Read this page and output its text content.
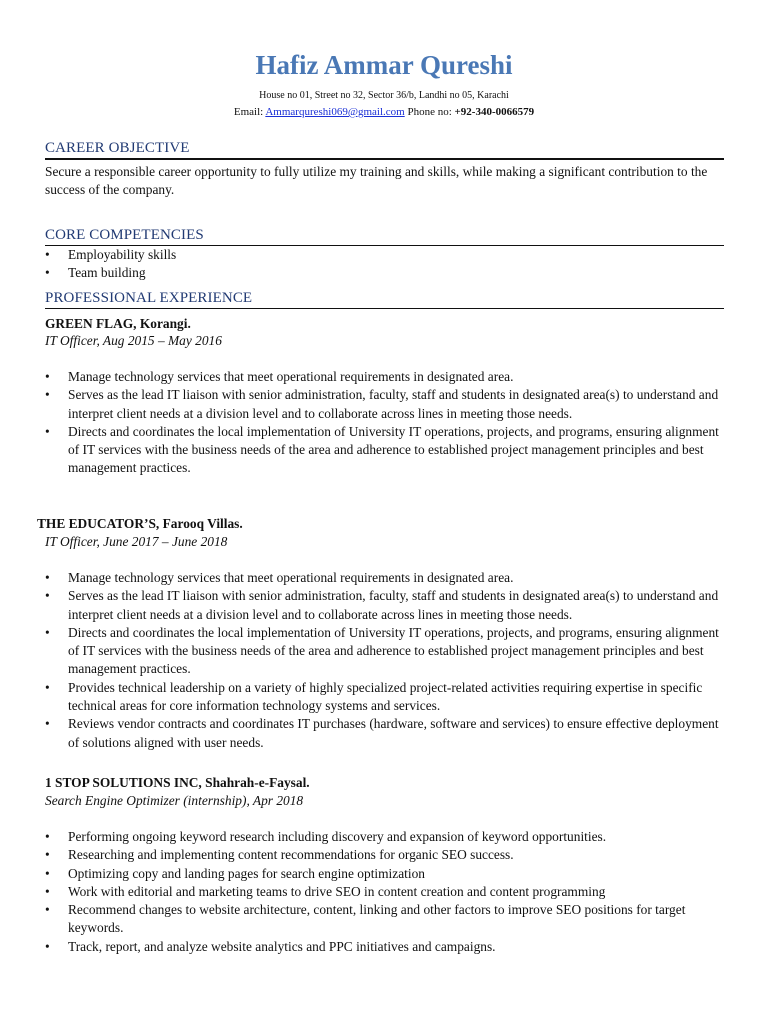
Hafiz Ammar Qureshi
House no 01, Street no 32, Sector 36/b, Landhi no 05, Karachi
Email: Ammarqureshi069@gmail.com Phone no: +92-340-0066579
CAREER OBJECTIVE
Secure a responsible career opportunity to fully utilize my training and skills, while making a significant contribution to the success of the company.
CORE COMPETENCIES
• Employability skills
• Team building
PROFESSIONAL EXPERIENCE
GREEN FLAG, Korangi.
IT Officer, Aug 2015 – May 2016
• Manage technology services that meet operational requirements in designated area.
• Serves as the lead IT liaison with senior administration, faculty, staff and students in designated area(s) to understand and interpret client needs at a division level and to collaborate across lines in meeting those needs.
• Directs and coordinates the local implementation of University IT operations, projects, and programs, ensuring alignment of IT services with the business needs of the area and adherence to established project management principles and best management practices.
THE EDUCATOR’S, Farooq Villas.
IT Officer, June 2017 – June 2018
• Manage technology services that meet operational requirements in designated area.
• Serves as the lead IT liaison with senior administration, faculty, staff and students in designated area(s) to understand and interpret client needs at a division level and to collaborate across lines in meeting those needs.
• Directs and coordinates the local implementation of University IT operations, projects, and programs, ensuring alignment of IT services with the business needs of the area and adherence to established project management principles and best management practices.
• Provides technical leadership on a variety of highly specialized project-related activities requiring expertise in specific technical areas for core information technology systems and services.
• Reviews vendor contracts and coordinates IT purchases (hardware, software and services) to ensure effective deployment of solutions aligned with user needs.
1 STOP SOLUTIONS INC, Shahrah-e-Faysal.
Search Engine Optimizer (internship), Apr 2018
• Performing ongoing keyword research including discovery and expansion of keyword opportunities.
• Researching and implementing content recommendations for organic SEO success.
• Optimizing copy and landing pages for search engine optimization
• Work with editorial and marketing teams to drive SEO in content creation and content programming
• Recommend changes to website architecture, content, linking and other factors to improve SEO positions for target keywords.
• Track, report, and analyze website analytics and PPC initiatives and campaigns.
